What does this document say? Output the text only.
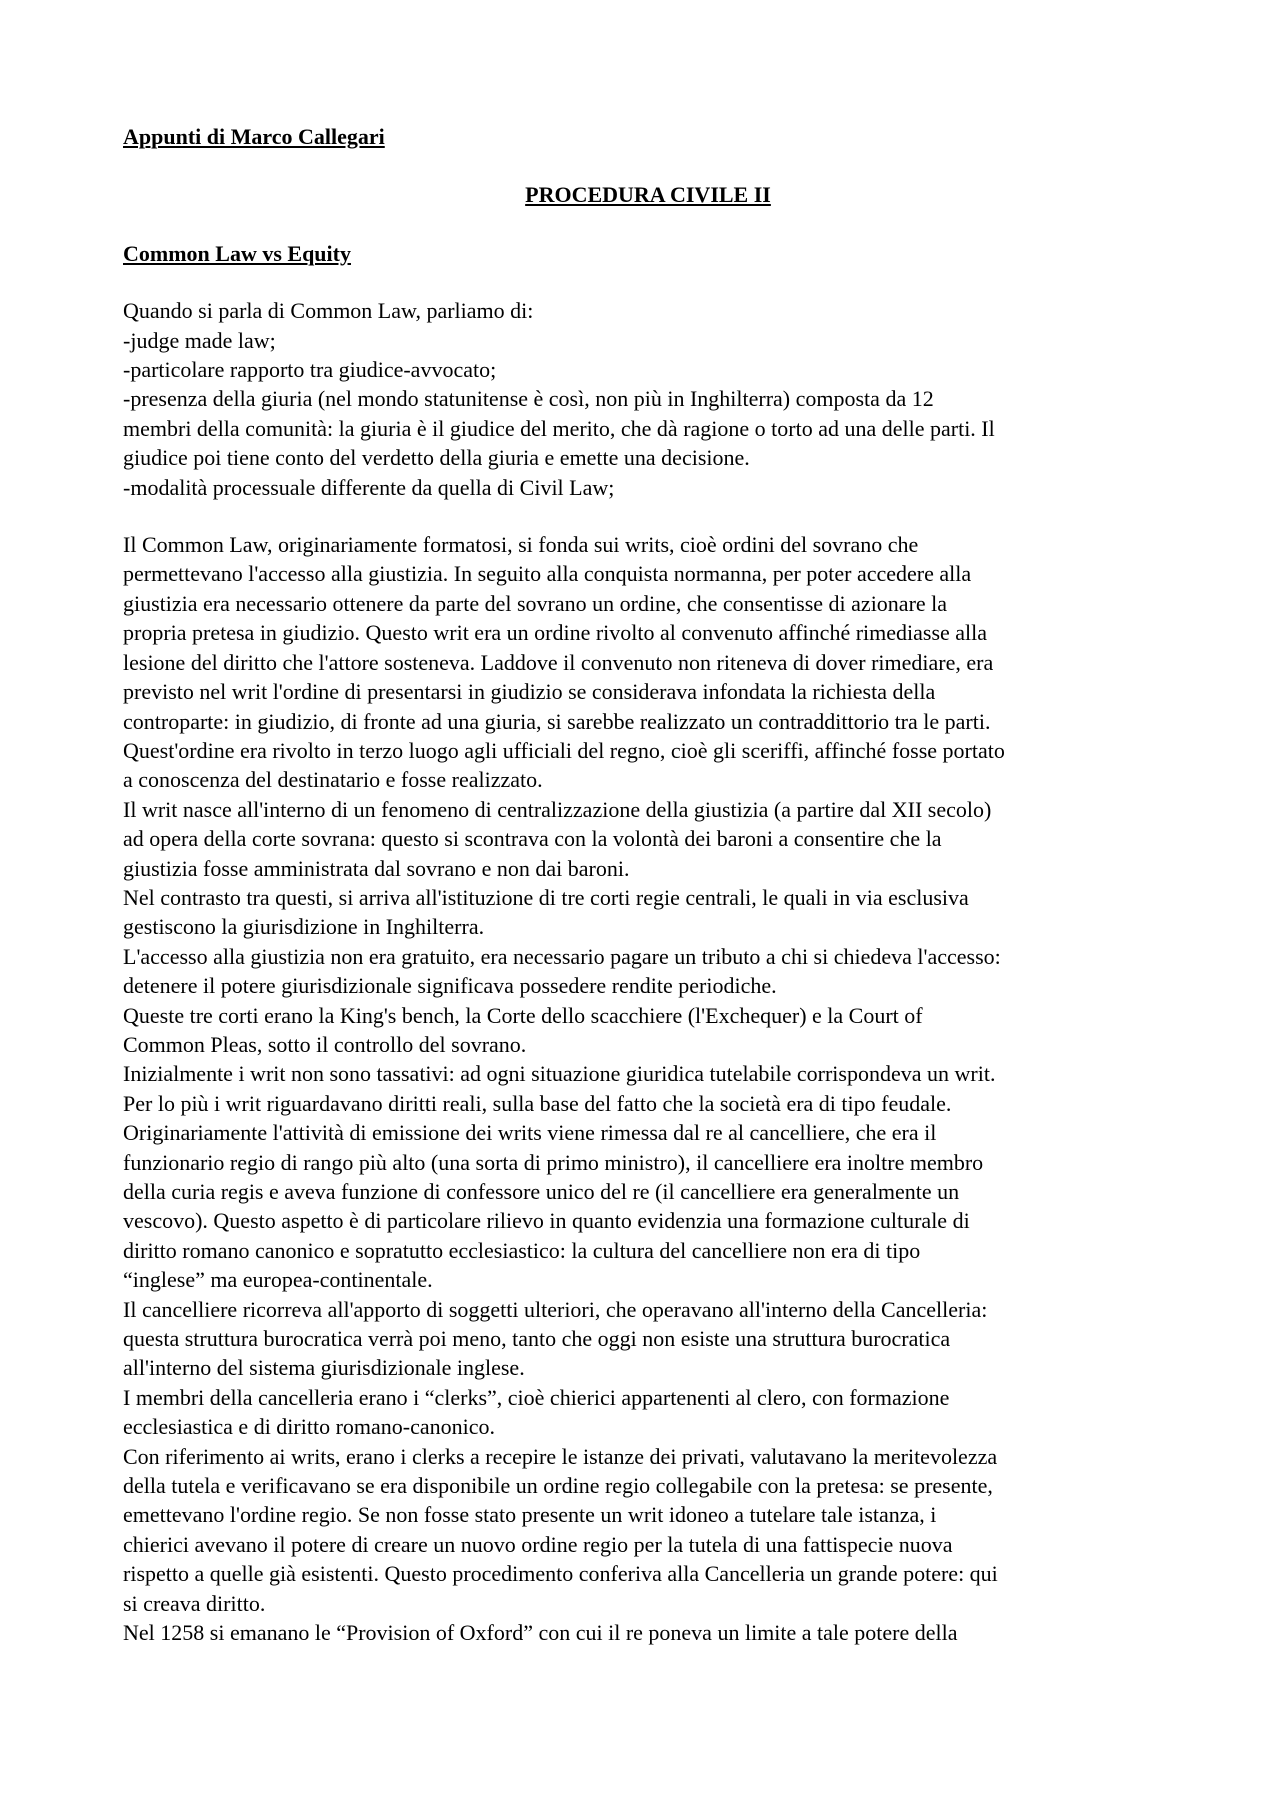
Appunti di Marco Callegari

PROCEDURA CIVILE II

Common Law vs Equity

Quando si parla di Common Law, parliamo di:
-judge made law;
-particolare rapporto tra giudice-avvocato;
-presenza della giuria (nel mondo statunitense è così, non più in Inghilterra) composta da 12
membri della comunità: la giuria è il giudice del merito, che dà ragione o torto ad una delle parti. Il
giudice poi tiene conto del verdetto della giuria e emette una decisione.
-modalità processuale differente da quella di Civil Law;
Il Common Law, originariamente formatosi, si fonda sui writs, cioè ordini del sovrano che
permettevano l'accesso alla giustizia. In seguito alla conquista normanna, per poter accedere alla
giustizia era necessario ottenere da parte del sovrano un ordine, che consentisse di azionare la
propria pretesa in giudizio. Questo writ era un ordine rivolto al convenuto affinché rimediasse alla
lesione del diritto che l'attore sosteneva. Laddove il convenuto non riteneva di dover rimediare, era
previsto nel writ l'ordine di presentarsi in giudizio se considerava infondata la richiesta della
controparte: in giudizio, di fronte ad una giuria, si sarebbe realizzato un contraddittorio tra le parti.
Quest'ordine era rivolto in terzo luogo agli ufficiali del regno, cioè gli sceriffi, affinché fosse portato
a conoscenza del destinatario e fosse realizzato.
Il writ nasce all'interno di un fenomeno di centralizzazione della giustizia (a partire dal XII secolo)
ad opera della corte sovrana: questo si scontrava con la volontà dei baroni a consentire che la
giustizia fosse amministrata dal sovrano e non dai baroni.
Nel contrasto tra questi, si arriva all'istituzione di tre corti regie centrali, le quali in via esclusiva
gestiscono la giurisdizione in Inghilterra.
L'accesso alla giustizia non era gratuito, era necessario pagare un tributo a chi si chiedeva l'accesso:
detenere il potere giurisdizionale significava possedere rendite periodiche.
Queste tre corti erano la King's bench, la Corte dello scacchiere (l'Exchequer) e la Court of
Common Pleas, sotto il controllo del sovrano.
Inizialmente i writ non sono tassativi: ad ogni situazione giuridica tutelabile corrispondeva un writ.
Per lo più i writ riguardavano diritti reali, sulla base del fatto che la società era di tipo feudale.
Originariamente l'attività di emissione dei writs viene rimessa dal re al cancelliere, che era il
funzionario regio di rango più alto (una sorta di primo ministro), il cancelliere era inoltre membro
della curia regis e aveva funzione di confessore unico del re (il cancelliere era generalmente un
vescovo). Questo aspetto è di particolare rilievo in quanto evidenzia una formazione culturale di
diritto romano canonico e sopratutto ecclesiastico: la cultura del cancelliere non era di tipo
“inglese” ma europea-continentale.
Il cancelliere ricorreva all'apporto di soggetti ulteriori, che operavano all'interno della Cancelleria:
questa struttura burocratica verrà poi meno, tanto che oggi non esiste una struttura burocratica
all'interno del sistema giurisdizionale inglese.
I membri della cancelleria erano i “clerks”, cioè chierici appartenenti al clero, con formazione
ecclesiastica e di diritto romano-canonico.
Con riferimento ai writs, erano i clerks a recepire le istanze dei privati, valutavano la meritevolezza
della tutela e verificavano se era disponibile un ordine regio collegabile con la pretesa: se presente,
emettevano l'ordine regio. Se non fosse stato presente un writ idoneo a tutelare tale istanza, i
chierici avevano il potere di creare un nuovo ordine regio per la tutela di una fattispecie nuova
rispetto a quelle già esistenti. Questo procedimento conferiva alla Cancelleria un grande potere: qui
si creava diritto.
Nel 1258 si emanano le “Provision of Oxford” con cui il re poneva un limite a tale potere della
